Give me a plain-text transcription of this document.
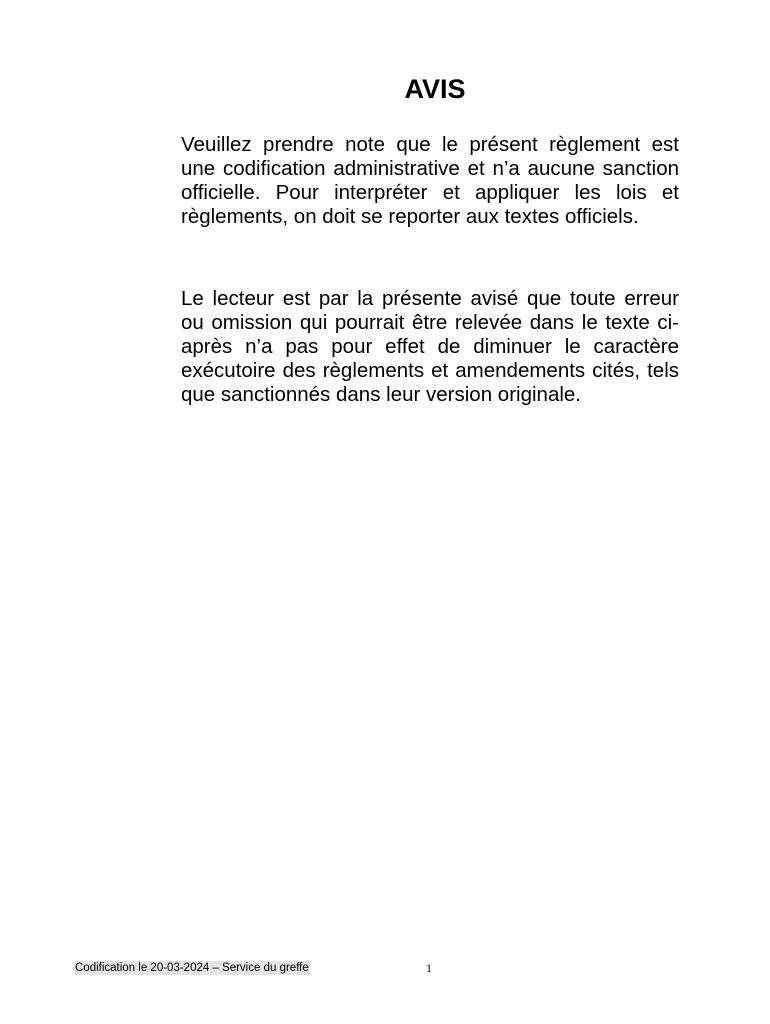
AVIS

Veuillez prendre note que le présent règlement est une codification administrative et n’a aucune sanction officielle. Pour interpréter et appliquer les lois et règlements, on doit se reporter aux textes officiels.

Le lecteur est par la présente avisé que toute erreur ou omission qui pourrait être relevée dans le texte ci-après n’a pas pour effet de diminuer le caractère exécutoire des règlements et amendements cités, tels que sanctionnés dans leur version originale.

Codification le 20-03-2024 – Service du greffe	1
